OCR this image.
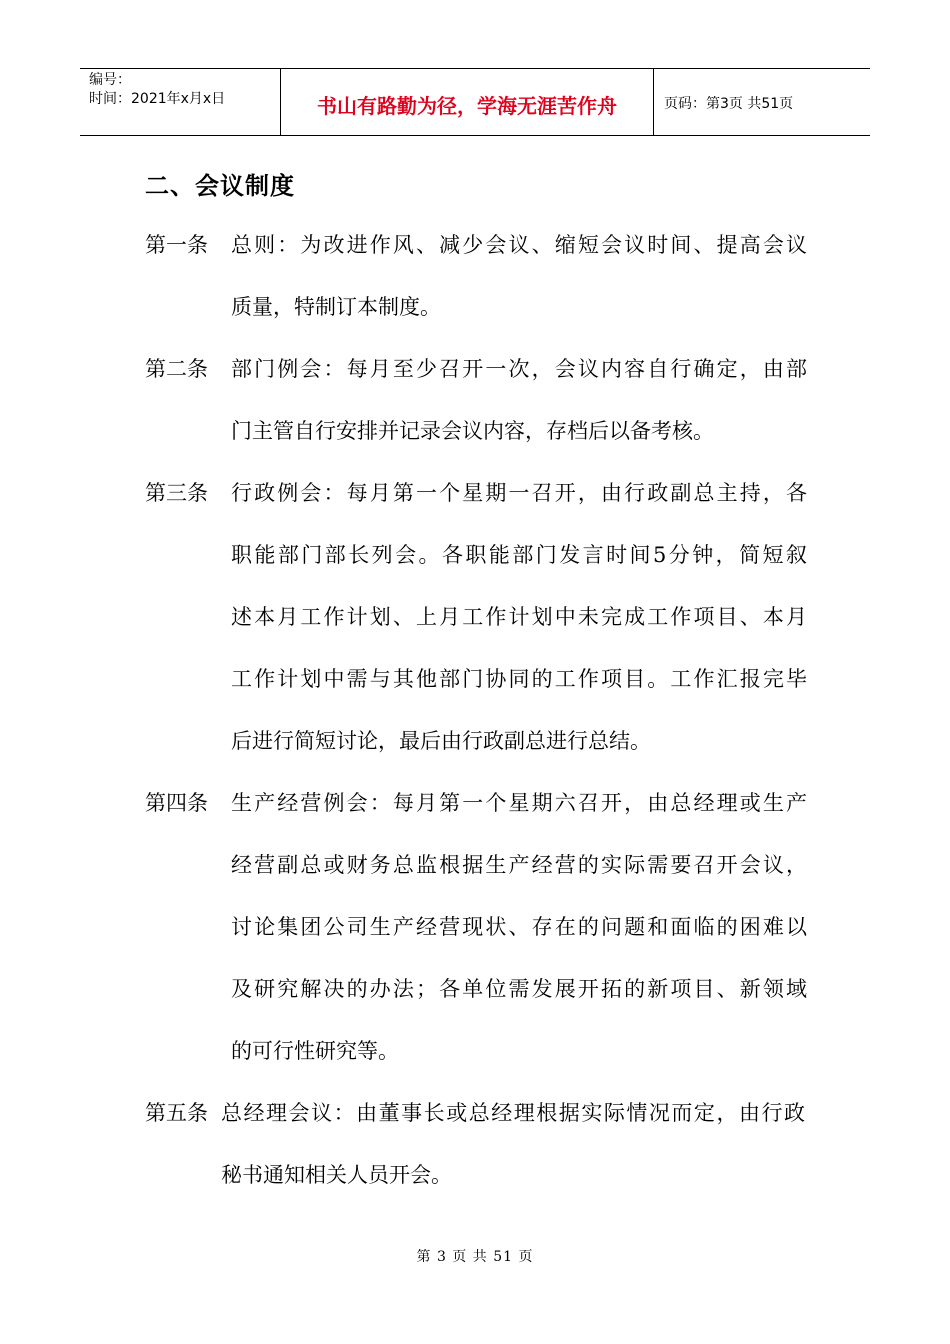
编号：
时间：2021年x月x日	书山有路勤为径，学海无涯苦作舟	页码：第3页 共51页
二、会议制度
第一条	总则：为改进作风、减少会议、缩短会议时间、提高会议
质量，特制订本制度。
第二条	部门例会：每月至少召开一次，会议内容自行确定，由部
门主管自行安排并记录会议内容，存档后以备考核。
第三条	行政例会：每月第一个星期一召开，由行政副总主持，各
职能部门部长列会。各职能部门发言时间5分钟，简短叙
述本月工作计划、上月工作计划中未完成工作项目、本月
工作计划中需与其他部门协同的工作项目。工作汇报完毕
后进行简短讨论，最后由行政副总进行总结。
第四条	生产经营例会：每月第一个星期六召开，由总经理或生产
经营副总或财务总监根据生产经营的实际需要召开会议，
讨论集团公司生产经营现状、存在的问题和面临的困难以
及研究解决的办法；各单位需发展开拓的新项目、新领域
的可行性研究等。
第五条 总经理会议：由董事长或总经理根据实际情况而定，由行政
秘书通知相关人员开会。
第 3 页 共 51 页
